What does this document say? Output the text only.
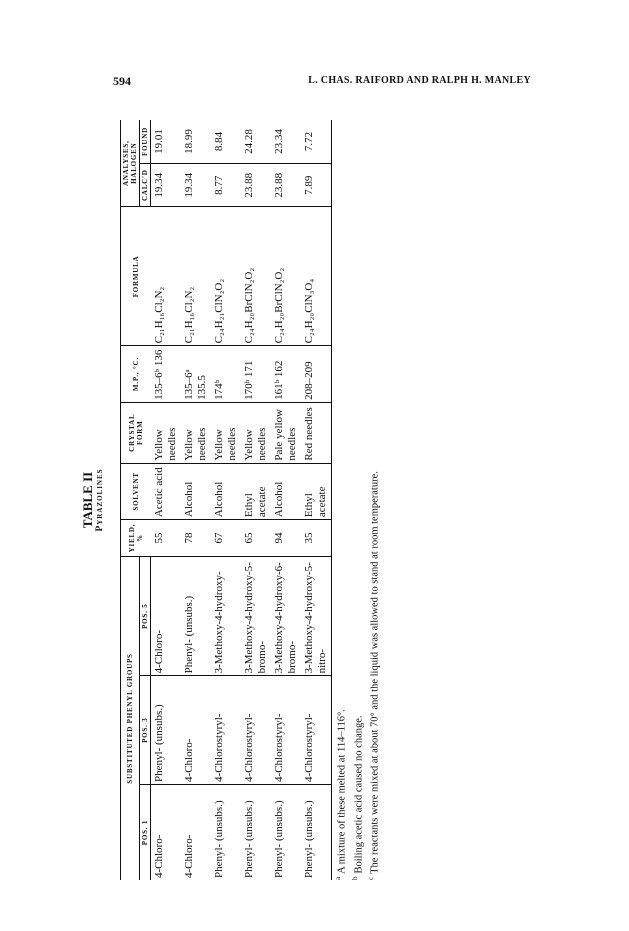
594	L. CHAS. RAIFORD AND RALPH H. MANLEY
TABLE II Pyrazolines
SUBSTITUTED PHENYL GROUPS			YIELD, %	SOLVENT	CRYSTAL FORM	M.P., °C.	FORMULA	ANALYSES, HALOGEN	
POS. 1	POS. 3	POS. 5						CALC'D	FOUND
4-Chloro-	Phenyl- (unsubs.)	4-Chloro-	55	Acetic acid	Yellow needles	135–6ᵇ 136	C₂₁H₁₆Cl₂N₂	19.34	19.01
4-Chloro-	4-Chloro-	Phenyl- (unsubs.)	78	Alcohol	Yellow needles	135–6ᵃ 135.5	C₂₁H₁₆Cl₂N₂	19.34	18.99
Phenyl- (unsubs.)	4-Chlorostyryl-	3-Methoxy-4-hydroxy-	67	Alcohol	Yellow needles	174ᵇ	C₂₄H₂₁ClN₂O₂	8.77	8.84
Phenyl- (unsubs.)	4-Chlorostyryl-	3-Methoxy-4-hydroxy-5-bromo-	65	Ethyl acetate	Yellow needles	170ᵇ 171	C₂₄H₂₀BrClN₂O₂	23.88	24.28
Phenyl- (unsubs.)	4-Chlorostyryl-	3-Methoxy-4-hydroxy-6-bromo-	94	Alcohol	Pale yellow needles	161ᵇ 162	C₂₄H₂₀BrClN₂O₂	23.88	23.34
Phenyl- (unsubs.)	4-Chlorostyryl-	3-Methoxy-4-hydroxy-5-nitro-	35	Ethyl acetate	Red needles	208–209	C₂₄H₂₀ClN₃O₄	7.89	7.72
$^a$A mixture of these melted at 114–116°.
$^b$Boiling acetic acid caused no change.
$^c$The reactants were mixed at about 70° and the liquid was allowed to stand at room temperature.
